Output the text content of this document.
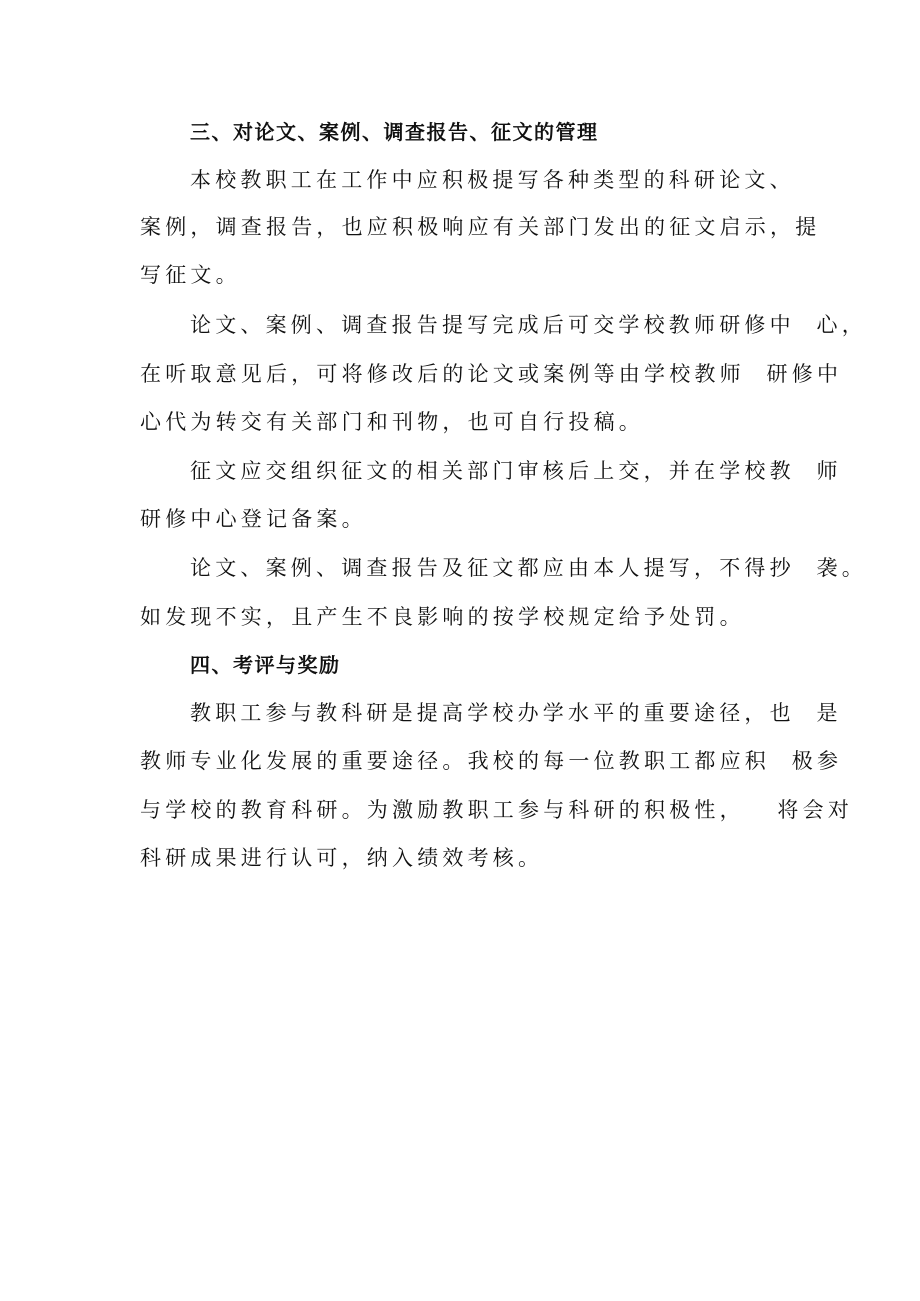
三、对论文、案例、调查报告、征文的管理
本校教职工在工作中应积极提写各种类型的科研论文、
案例，调查报告，也应积极响应有关部门发出的征文启示，提
写征文。
论文、案例、调查报告提写完成后可交学校教师研修中  心，
在听取意见后，可将修改后的论文或案例等由学校教师  研修中
心代为转交有关部门和刊物，也可自行投稿。
征文应交组织征文的相关部门审核后上交，并在学校教  师
研修中心登记备案。
论文、案例、调查报告及征文都应由本人提写，不得抄  袭。
如发现不实，且产生不良影响的按学校规定给予处罚。
四、考评与奖励
教职工参与教科研是提高学校办学水平的重要途径，也  是
教师专业化发展的重要途径。我校的每一位教职工都应积  极参
与学校的教育科研。为激励教职工参与科研的积极性，   将会对
科研成果进行认可，纳入绩效考核。
